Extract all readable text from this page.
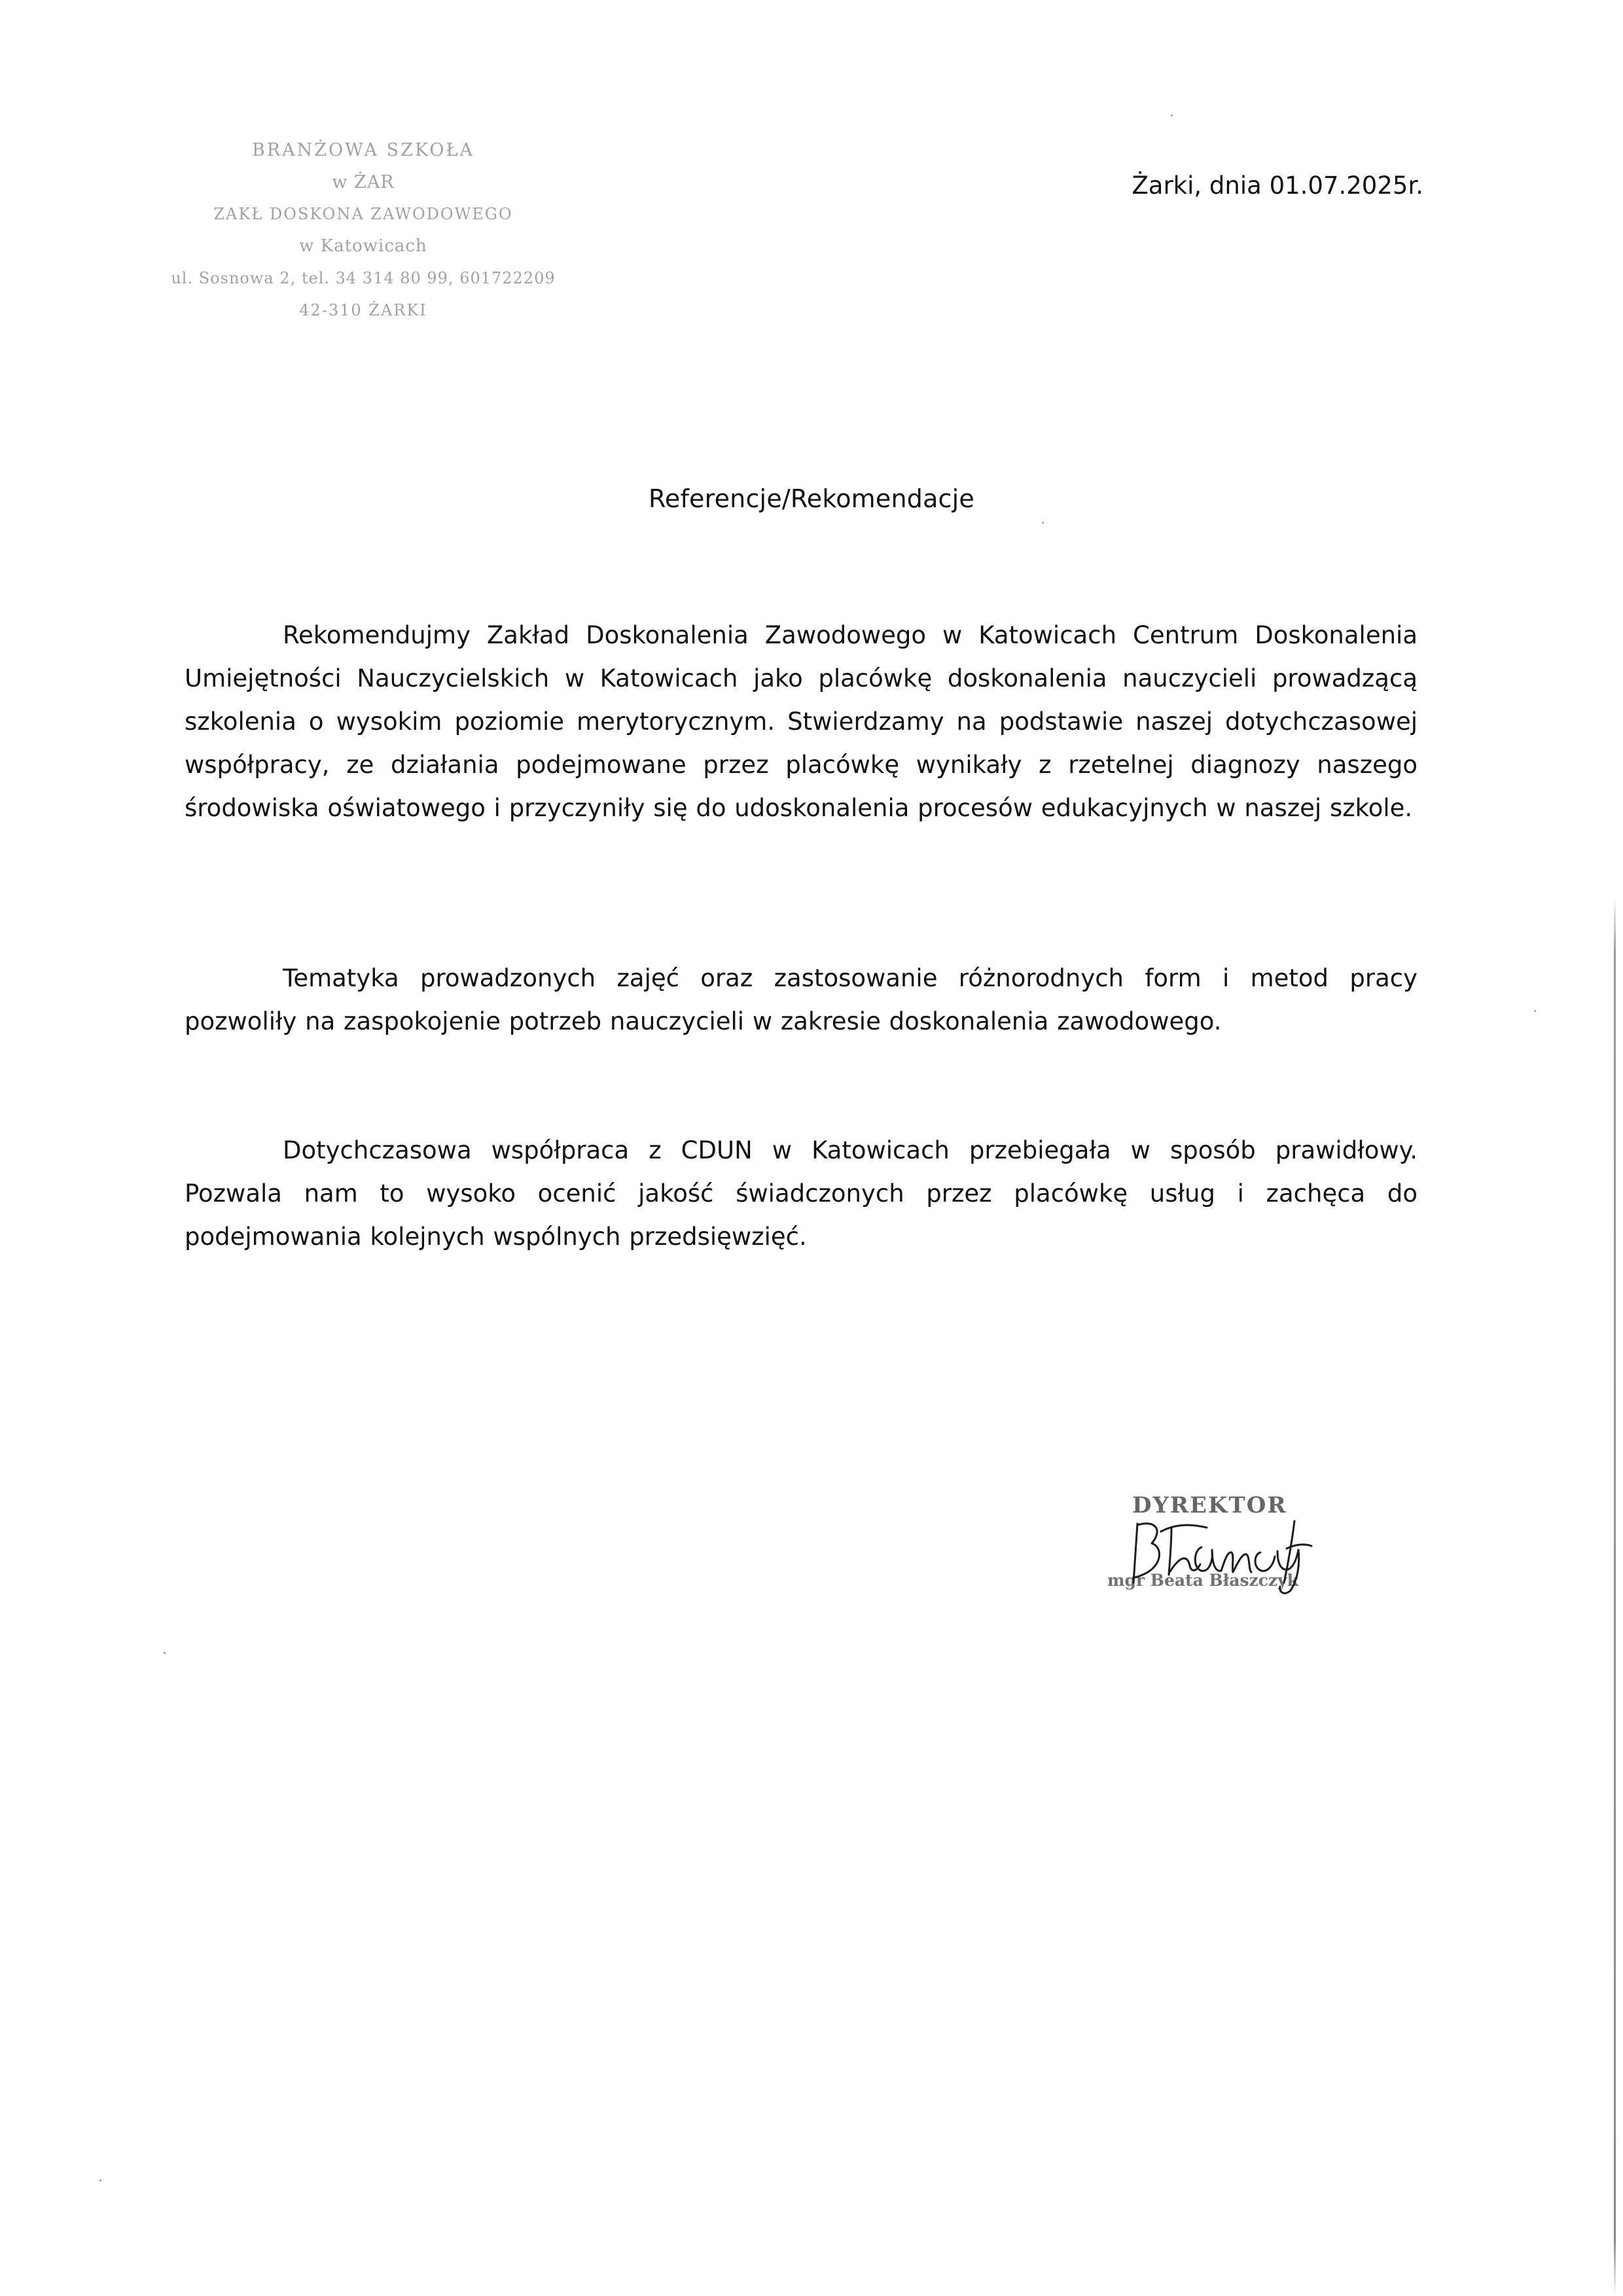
BRANŻOWA SZKOŁA
w ŻAR
ZAKŁ DOSKONA ZAWODOWEGO
w Katowicach
ul. Sosnowa 2, tel. 34 314 80 99, 601722209
42-310 ŻARKI
Żarki, dnia 01.07.2025r.
Referencje/Rekomendacje

Rekomendujmy Zakład Doskonalenia Zawodowego w Katowicach Centrum Doskonalenia Umiejętności Nauczycielskich w Katowicach jako placówkę doskonalenia nauczycieli prowadzącą szkolenia o wysokim poziomie merytorycznym. Stwierdzamy na podstawie naszej dotychczasowej współpracy, ze działania podejmowane przez placówkę wynikały z rzetelnej diagnozy naszego środowiska oświatowego i przyczyniły się do udoskonalenia procesów edukacyjnych w naszej szkole.

Tematyka prowadzonych zajęć oraz zastosowanie różnorodnych form i metod pracy pozwoliły na zaspokojenie potrzeb nauczycieli w zakresie doskonalenia zawodowego.

Dotychczasowa współpraca z CDUN w Katowicach przebiegała w sposób prawidłowy. Pozwala nam to wysoko ocenić jakość świadczonych przez placówkę usług i zachęca do podejmowania kolejnych wspólnych przedsięwzięć.

DYREKTOR
mgr Beata Błaszczyk
